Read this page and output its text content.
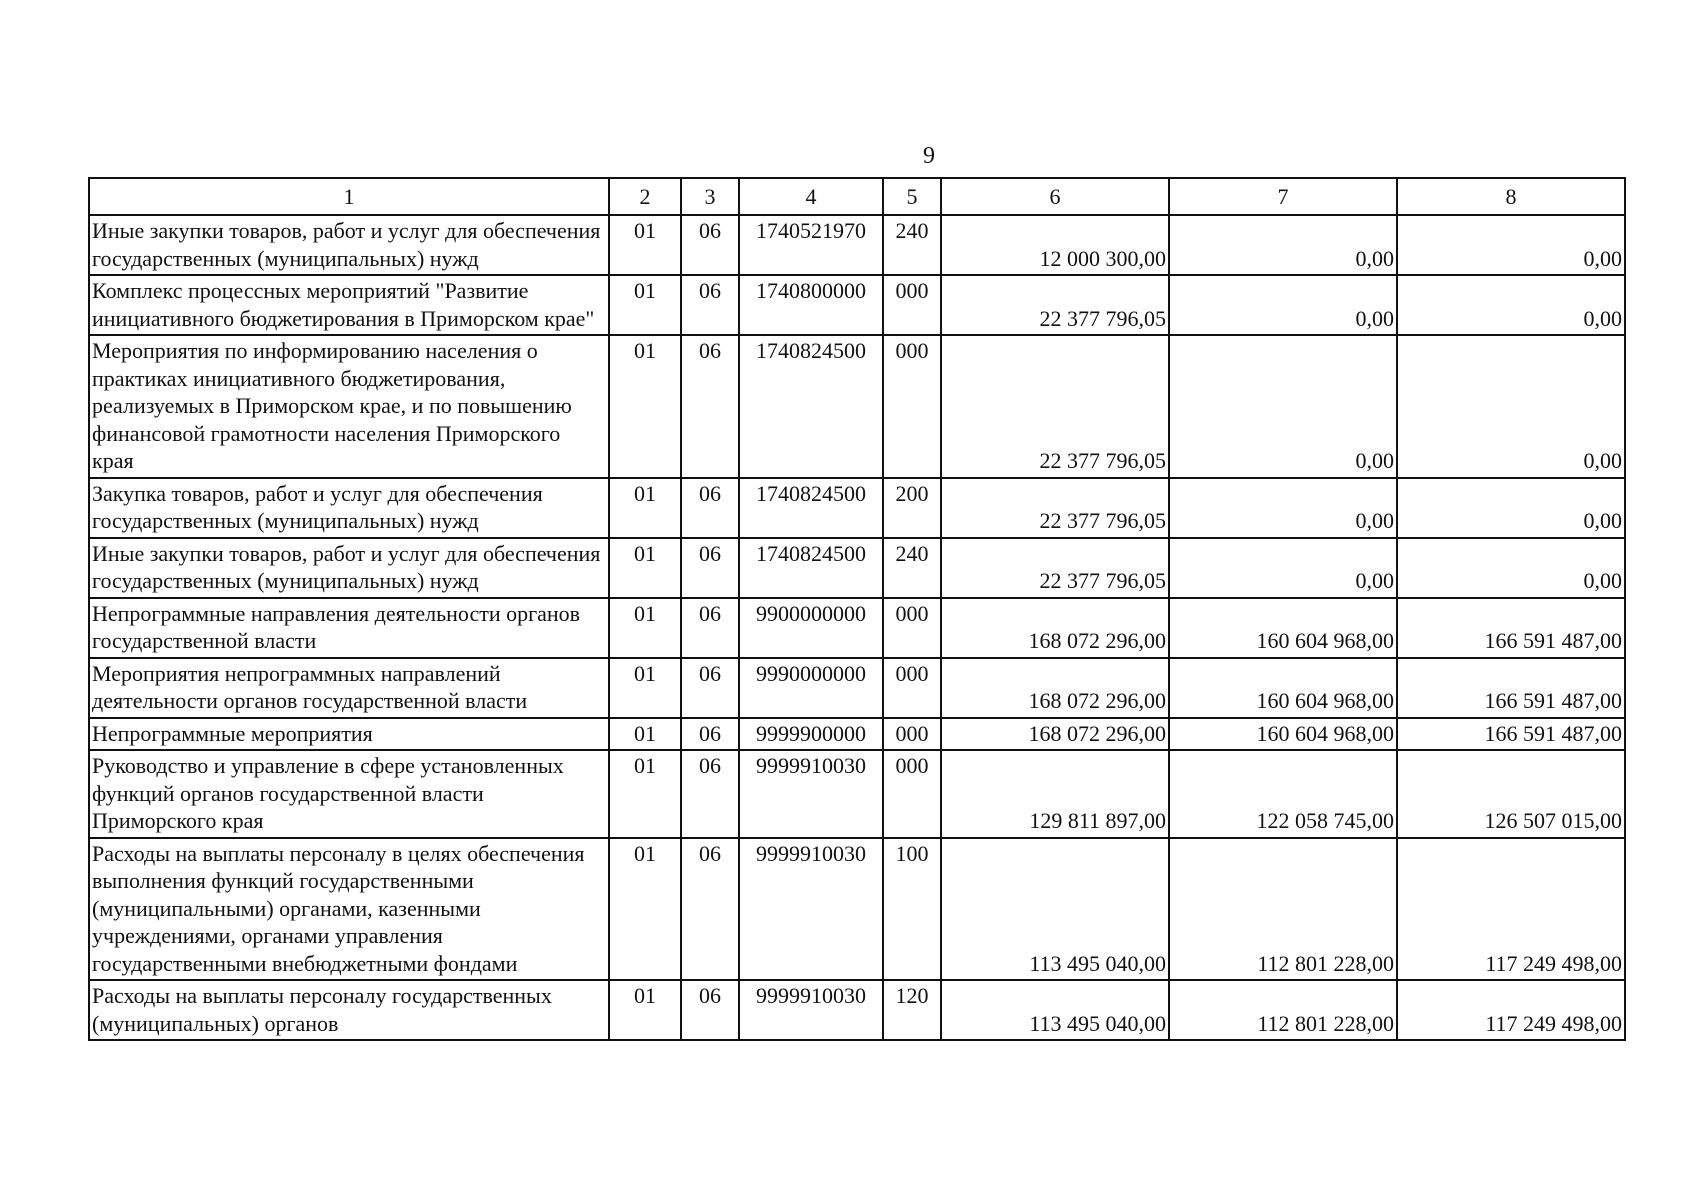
9
1	2	3	4	5	6	7	8
Иные закупки товаров, работ и услуг для обеспечения государственных (муниципальных) нужд	01	06	1740521970	240	12 000 300,00	0,00	0,00
Комплекс процессных мероприятий "Развитие инициативного бюджетирования в Приморском крае"	01	06	1740800000	000	22 377 796,05	0,00	0,00
Мероприятия по информированию населения о практиках инициативного бюджетирования, реализуемых в Приморском крае, и по повышению финансовой грамотности населения Приморского края	01	06	1740824500	000	22 377 796,05	0,00	0,00
Закупка товаров, работ и услуг для обеспечения государственных (муниципальных) нужд	01	06	1740824500	200	22 377 796,05	0,00	0,00
Иные закупки товаров, работ и услуг для обеспечения государственных (муниципальных) нужд	01	06	1740824500	240	22 377 796,05	0,00	0,00
Непрограммные направления деятельности органов государственной власти	01	06	9900000000	000	168 072 296,00	160 604 968,00	166 591 487,00
Мероприятия непрограммных направлений деятельности органов государственной власти	01	06	9990000000	000	168 072 296,00	160 604 968,00	166 591 487,00
Непрограммные мероприятия	01	06	9999900000	000	168 072 296,00	160 604 968,00	166 591 487,00
Руководство и управление в сфере установленных функций органов государственной власти Приморского края	01	06	9999910030	000	129 811 897,00	122 058 745,00	126 507 015,00
Расходы на выплаты персоналу в целях обеспечения выполнения функций государственными (муниципальными) органами, казенными учреждениями, органами управления государственными внебюджетными фондами	01	06	9999910030	100	113 495 040,00	112 801 228,00	117 249 498,00
Расходы на выплаты персоналу государственных (муниципальных) органов	01	06	9999910030	120	113 495 040,00	112 801 228,00	117 249 498,00
